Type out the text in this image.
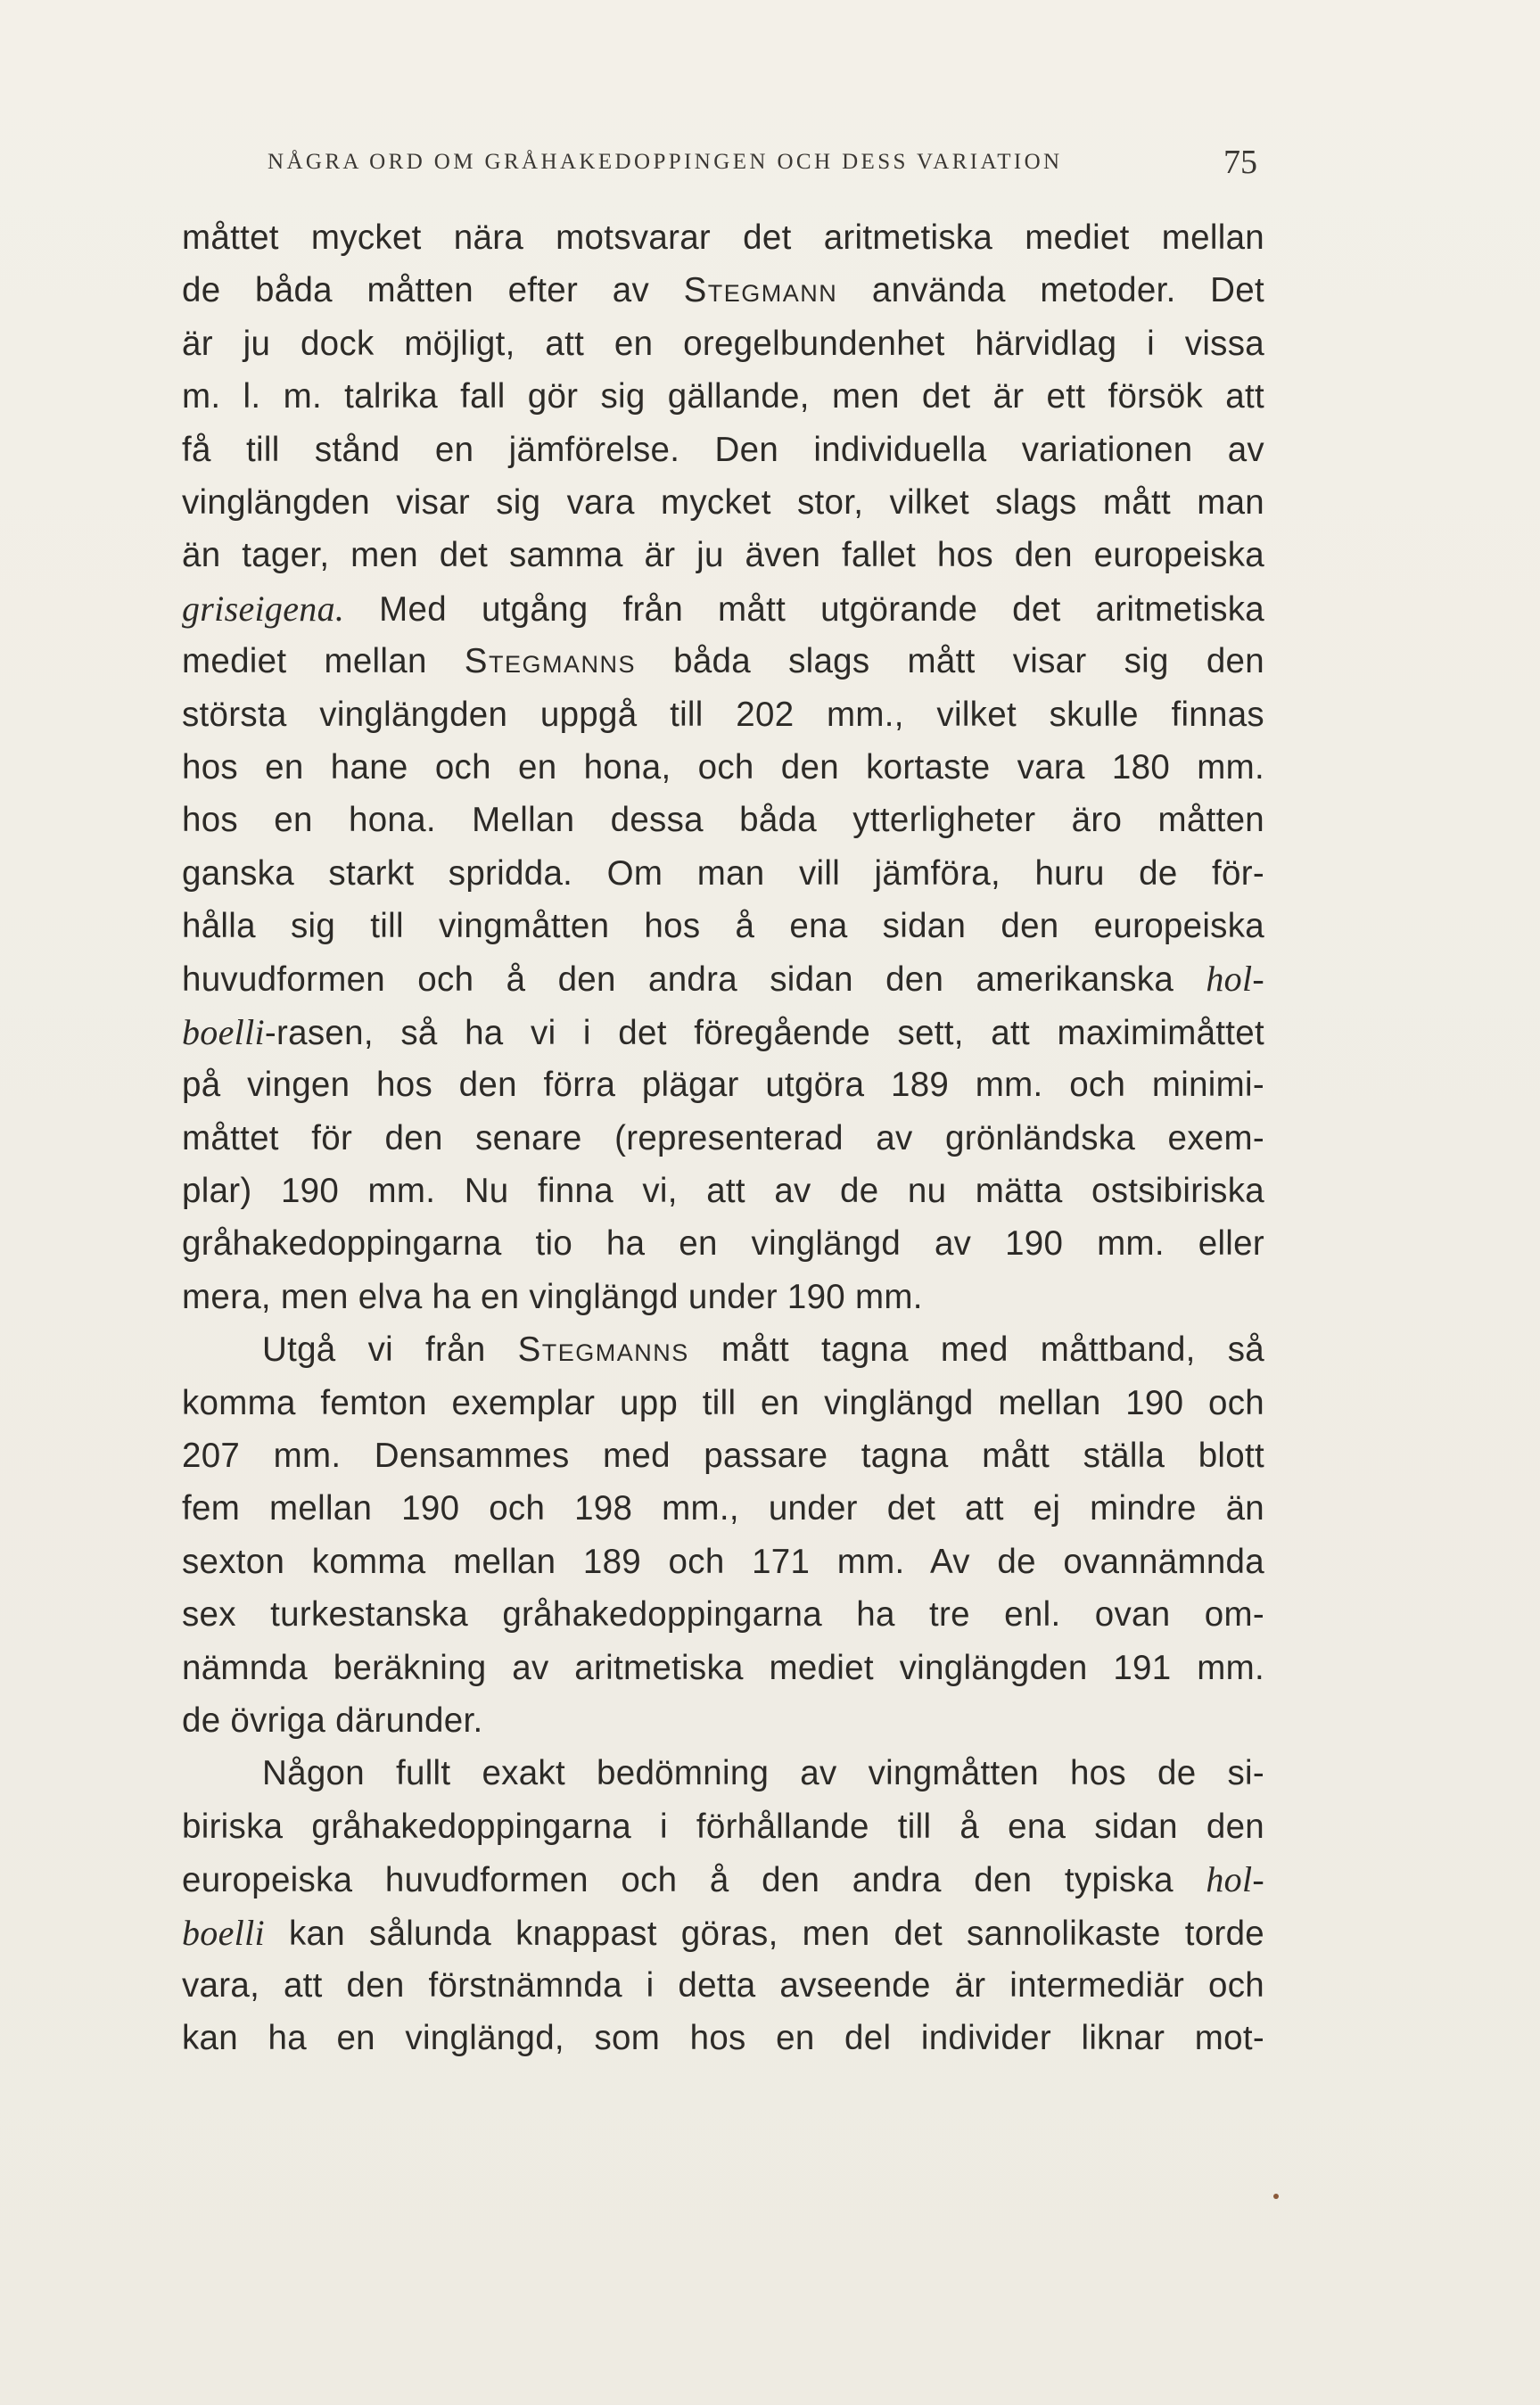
NÅGRA ORD OM GRÅHAKEDOPPINGEN OCH DESS VARIATION	75
måttet mycket nära motsvarar det aritmetiska mediet mellan
de båda måtten efter av Stegmann använda metoder. Det
är ju dock möjligt, att en oregelbundenhet härvidlag i vissa
m. l. m. talrika fall gör sig gällande, men det är ett försök att
få till stånd en jämförelse. Den individuella variationen av
vinglängden visar sig vara mycket stor, vilket slags mått man
än tager, men det samma är ju även fallet hos den europeiska
griseigena. Med utgång från mått utgörande det aritmetiska
mediet mellan Stegmanns båda slags mått visar sig den
största vinglängden uppgå till 202 mm., vilket skulle finnas
hos en hane och en hona, och den kortaste vara 180 mm.
hos en hona. Mellan dessa båda ytterligheter äro måtten
ganska starkt spridda. Om man vill jämföra, huru de för-
hålla sig till vingmåtten hos å ena sidan den europeiska
huvudformen och å den andra sidan den amerikanska hol-
boelli-rasen, så ha vi i det föregående sett, att maximimåttet
på vingen hos den förra plägar utgöra 189 mm. och minimi-
måttet för den senare (representerad av grönländska exem-
plar) 190 mm. Nu finna vi, att av de nu mätta ostsibiriska
gråhakedoppingarna tio ha en vinglängd av 190 mm. eller
mera, men elva ha en vinglängd under 190 mm.
Utgå vi från Stegmanns mått tagna med måttband, så
komma femton exemplar upp till en vinglängd mellan 190 och
207 mm. Densammes med passare tagna mått ställa blott
fem mellan 190 och 198 mm., under det att ej mindre än
sexton komma mellan 189 och 171 mm. Av de ovannämnda
sex turkestanska gråhakedoppingarna ha tre enl. ovan om-
nämnda beräkning av aritmetiska mediet vinglängden 191 mm.
de övriga därunder.
Någon fullt exakt bedömning av vingmåtten hos de si-
biriska gråhakedoppingarna i förhållande till å ena sidan den
europeiska huvudformen och å den andra den typiska hol-
boelli kan sålunda knappast göras, men det sannolikaste torde
vara, att den förstnämnda i detta avseende är intermediär och
kan ha en vinglängd, som hos en del individer liknar mot-
